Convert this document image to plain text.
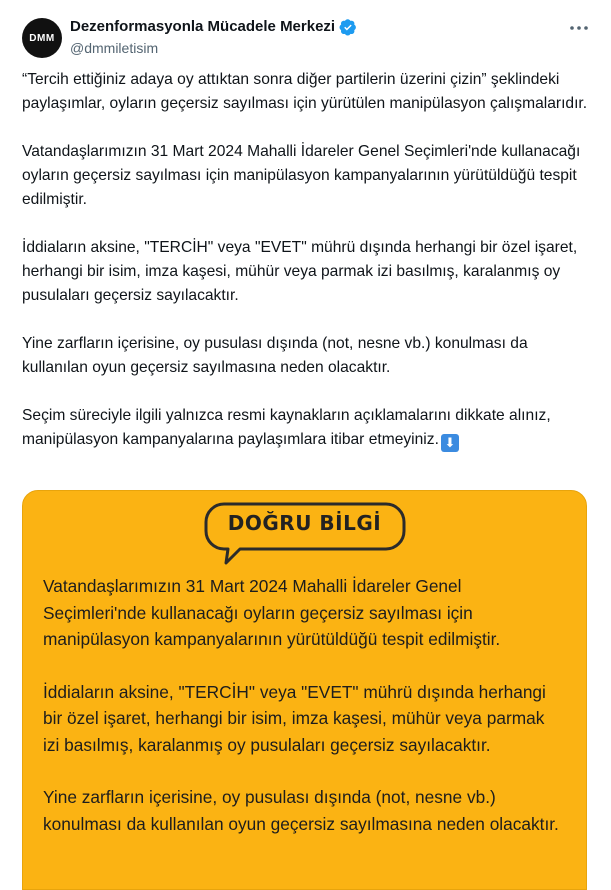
DMM
Dezenformasyonla Mücadele Merkezi
@dmmiletisim

“Tercih ettiğiniz adaya oy attıktan sonra diğer partilerin üzerini çizin” şeklindeki paylaşımlar, oyların geçersiz sayılması için yürütülen manipülasyon çalışmalarıdır.

Vatandaşlarımızın 31 Mart 2024 Mahalli İdareler Genel Seçimleri'nde kullanacağı oyların geçersiz sayılması için manipülasyon kampanyalarının yürütüldüğü tespit edilmiştir.

İddiaların aksine, "TERCİH" veya "EVET" mührü dışında herhangi bir özel işaret, herhangi bir isim, imza kaşesi, mühür veya parmak izi basılmış, karalanmış oy pusulaları geçersiz sayılacaktır.

Yine zarfların içerisine, oy pusulası dışında (not, nesne vb.) konulması da kullanılan oyun geçersiz sayılmasına neden olacaktır.

Seçim süreciyle ilgili yalnızca resmi kaynakların açıklamalarını dikkate alınız, manipülasyon kampanyalarına paylaşımlara itibar etmeyiniz. ⬇

DOĞRU BİLGİ

Vatandaşlarımızın 31 Mart 2024 Mahalli İdareler Genel Seçimleri'nde kullanacağı oyların geçersiz sayılması için manipülasyon kampanyalarının yürütüldüğü tespit edilmiştir.

İddiaların aksine, "TERCİH" veya "EVET" mührü dışında herhangi bir özel işaret, herhangi bir isim, imza kaşesi, mühür veya parmak izi basılmış, karalanmış oy pusulaları geçersiz sayılacaktır.

Yine zarfların içerisine, oy pusulası dışında (not, nesne vb.) konulması da kullanılan oyun geçersiz sayılmasına neden olacaktır.
